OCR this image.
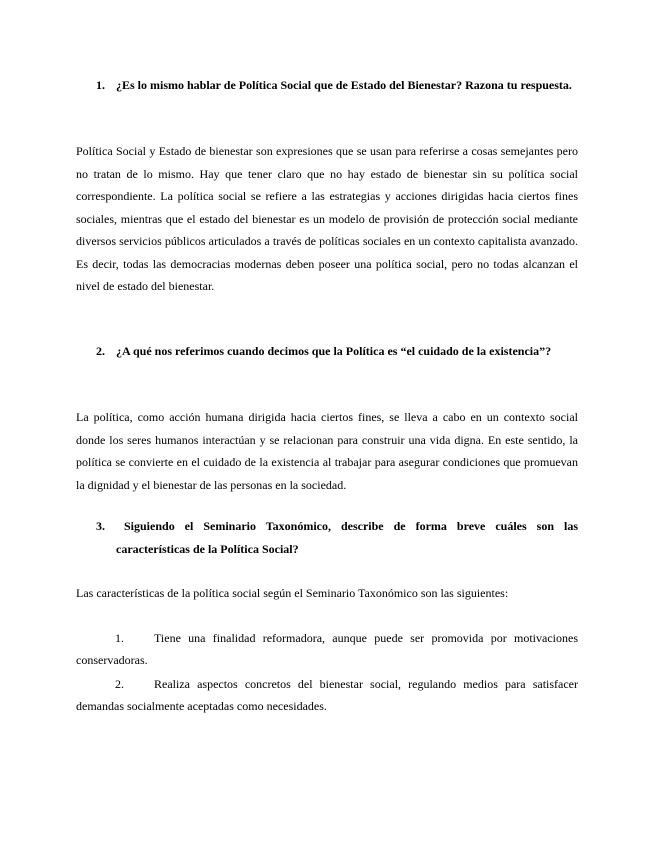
1. ¿Es lo mismo hablar de Política Social que de Estado del Bienestar? Razona tu respuesta.

Política Social y Estado de bienestar son expresiones que se usan para referirse a cosas semejantes pero no tratan de lo mismo. Hay que tener claro que no hay estado de bienestar sin su política social correspondiente. La política social se refiere a las estrategias y acciones dirigidas hacia ciertos fines sociales, mientras que el estado del bienestar es un modelo de provisión de protección social mediante diversos servicios públicos articulados a través de políticas sociales en un contexto capitalista avanzado. Es decir, todas las democracias modernas deben poseer una política social, pero no todas alcanzan el nivel de estado del bienestar.

2. ¿A qué nos referimos cuando decimos que la Política es “el cuidado de la existencia”?

La política, como acción humana dirigida hacia ciertos fines, se lleva a cabo en un contexto social donde los seres humanos interactúan y se relacionan para construir una vida digna. En este sentido, la política se convierte en el cuidado de la existencia al trabajar para asegurar condiciones que promuevan la dignidad y el bienestar de las personas en la sociedad.

3.	Siguiendo el Seminario Taxonómico, describe de forma breve cuáles son las características de la Política Social?

Las características de la política social según el Seminario Taxonómico son las siguientes:

1.	Tiene una finalidad reformadora, aunque puede ser promovida por motivaciones conservadoras.

2.	Realiza aspectos concretos del bienestar social, regulando medios para satisfacer demandas socialmente aceptadas como necesidades.
